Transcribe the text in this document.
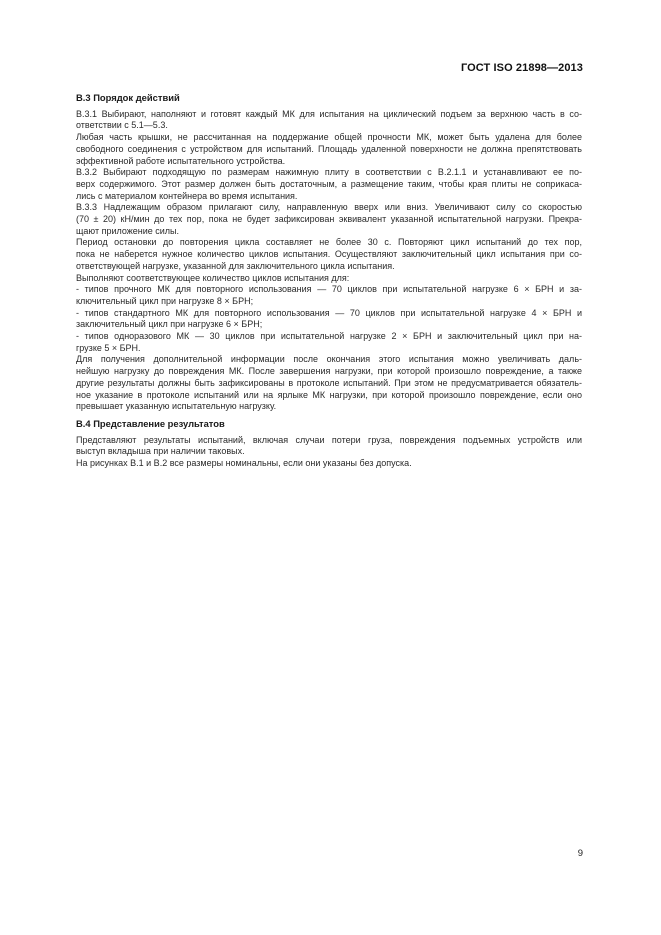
ГОСТ ISO 21898—2013
В.3 Порядок действий
В.3.1 Выбирают, наполняют и готовят каждый МК для испытания на циклический подъем за верхнюю часть в со-
ответствии с 5.1—5.3.
Любая часть крышки, не рассчитанная на поддержание общей прочности МК, может быть удалена для более
свободного соединения с устройством для испытаний. Площадь удаленной поверхности не должна препятствовать
эффективной работе испытательного устройства.
В.3.2 Выбирают подходящую по размерам нажимную плиту в соответствии с В.2.1.1 и устанавливают ее по-
верх содержимого. Этот размер должен быть достаточным, а размещение таким, чтобы края плиты не соприкаса-
лись с материалом контейнера во время испытания.
В.3.3 Надлежащим образом прилагают силу, направленную вверх или вниз. Увеличивают силу со скоростью
(70 ± 20) кН/мин до тех пор, пока не будет зафиксирован эквивалент указанной испытательной нагрузки. Прекра-
щают приложение силы.
Период остановки до повторения цикла составляет не более 30 с. Повторяют цикл испытаний до тех пор,
пока не наберется нужное количество циклов испытания. Осуществляют заключительный цикл испытания при со-
ответствующей нагрузке, указанной для заключительного цикла испытания.
Выполняют соответствующее количество циклов испытания для:
- типов прочного МК для повторного использования — 70 циклов при испытательной нагрузке 6 × БРН и за-
ключительный цикл при нагрузке 8 × БРН;
- типов стандартного МК для повторного использования — 70 циклов при испытательной нагрузке 4 × БРН и
заключительный цикл при нагрузке 6 × БРН;
- типов одноразового МК — 30 циклов при испытательной нагрузке 2 × БРН и заключительный цикл при на-
грузке 5 × БРН.
Для получения дополнительной информации после окончания этого испытания можно увеличивать даль-
нейшую нагрузку до повреждения МК. После завершения нагрузки, при которой произошло повреждение, а также
другие результаты должны быть зафиксированы в протоколе испытаний. При этом не предусматривается обязатель-
ное указание в протоколе испытаний или на ярлыке МК нагрузки, при которой произошло повреждение, если оно
превышает указанную испытательную нагрузку.
В.4 Представление результатов
Представляют результаты испытаний, включая случаи потери груза, повреждения подъемных устройств или
выступ вкладыша при наличии таковых.
На рисунках В.1 и В.2 все размеры номинальны, если они указаны без допуска.
9
